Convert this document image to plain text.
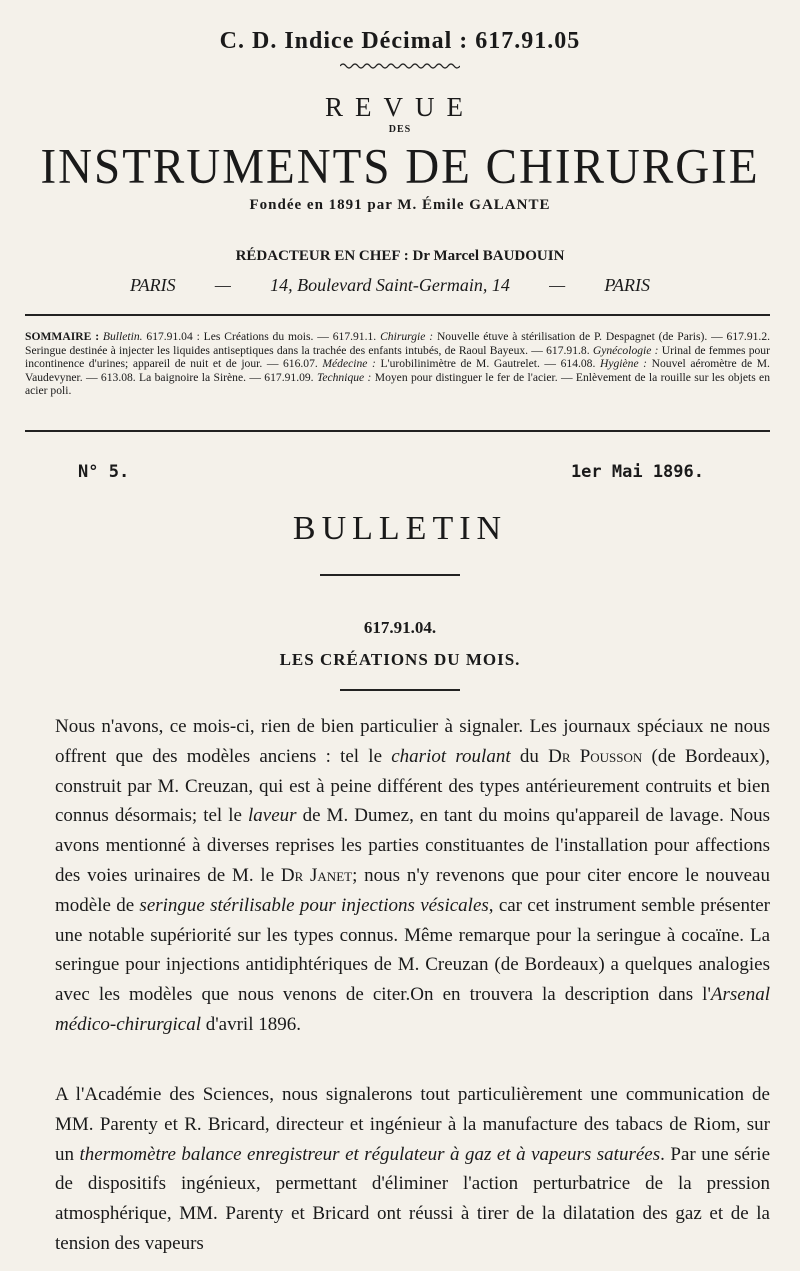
C. D. Indice Décimal : 617.91.05
REVUE
DES
INSTRUMENTS DE CHIRURGIE
Fondée en 1891 par M. Émile GALANTE
RÉDACTEUR EN CHEF : Dr Marcel BAUDOUIN
PARIS — 14, Boulevard Saint-Germain, 14 — PARIS
SOMMAIRE : Bulletin. 617.91.04 : Les Créations du mois. — 617.91.1. Chirurgie : Nouvelle étuve à stérilisation de P. Despagnet (de Paris). — 617.91.2. Seringue destinée à injecter les liquides antiseptiques dans la trachée des enfants intubés, de Raoul Bayeux. — 617.91.8. Gynécologie : Urinal de femmes pour incontinence d'urines; appareil de nuit et de jour. — 616.07. Médecine : L'urobilinimètre de M. Gautrelet. — 614.08. Hygiène : Nouvel aéromètre de M. Vaudevyner. — 613.08. La baignoire la Sirène. — 617.91.09. Technique : Moyen pour distinguer le fer de l'acier. — Enlèvement de la rouille sur les objets en acier poli.
N° 5.	1er Mai 1896.
BULLETIN
617.91.04.
LES CRÉATIONS DU MOIS.

Nous n'avons, ce mois-ci, rien de bien particulier à signaler. Les journaux spéciaux ne nous offrent que des modèles anciens : tel le chariot roulant du Dr Pousson (de Bordeaux), construit par M. Creuzan, qui est à peine différent des types antérieurement contruits et bien connus désormais; tel le laveur de M. Dumez, en tant du moins qu'appareil de lavage. Nous avons mentionné à diverses reprises les parties constituantes de l'installation pour affections des voies urinaires de M. le Dr Janet; nous n'y revenons que pour citer encore le nouveau modèle de seringue stérilisable pour injections vésicales, car cet instrument semble présenter une notable supériorité sur les types connus. Même remarque pour la seringue à cocaïne. La seringue pour injections antidiphtériques de M. Creuzan (de Bordeaux) a quelques analogies avec les modèles que nous venons de citer.On en trouvera la description dans l'Arsenal médico-chirurgical d'avril 1896.

A l'Académie des Sciences, nous signalerons tout particulièrement une communication de MM. Parenty et R. Bricard, directeur et ingénieur à la manufacture des tabacs de Riom, sur un thermomètre balance enregistreur et régulateur à gaz et à vapeurs saturées. Par une série de dispositifs ingénieux, permettant d'éliminer l'action perturbatrice de la pression atmosphérique, MM. Parenty et Bricard ont réussi à tirer de la dilatation des gaz et de la tension des vapeurs
